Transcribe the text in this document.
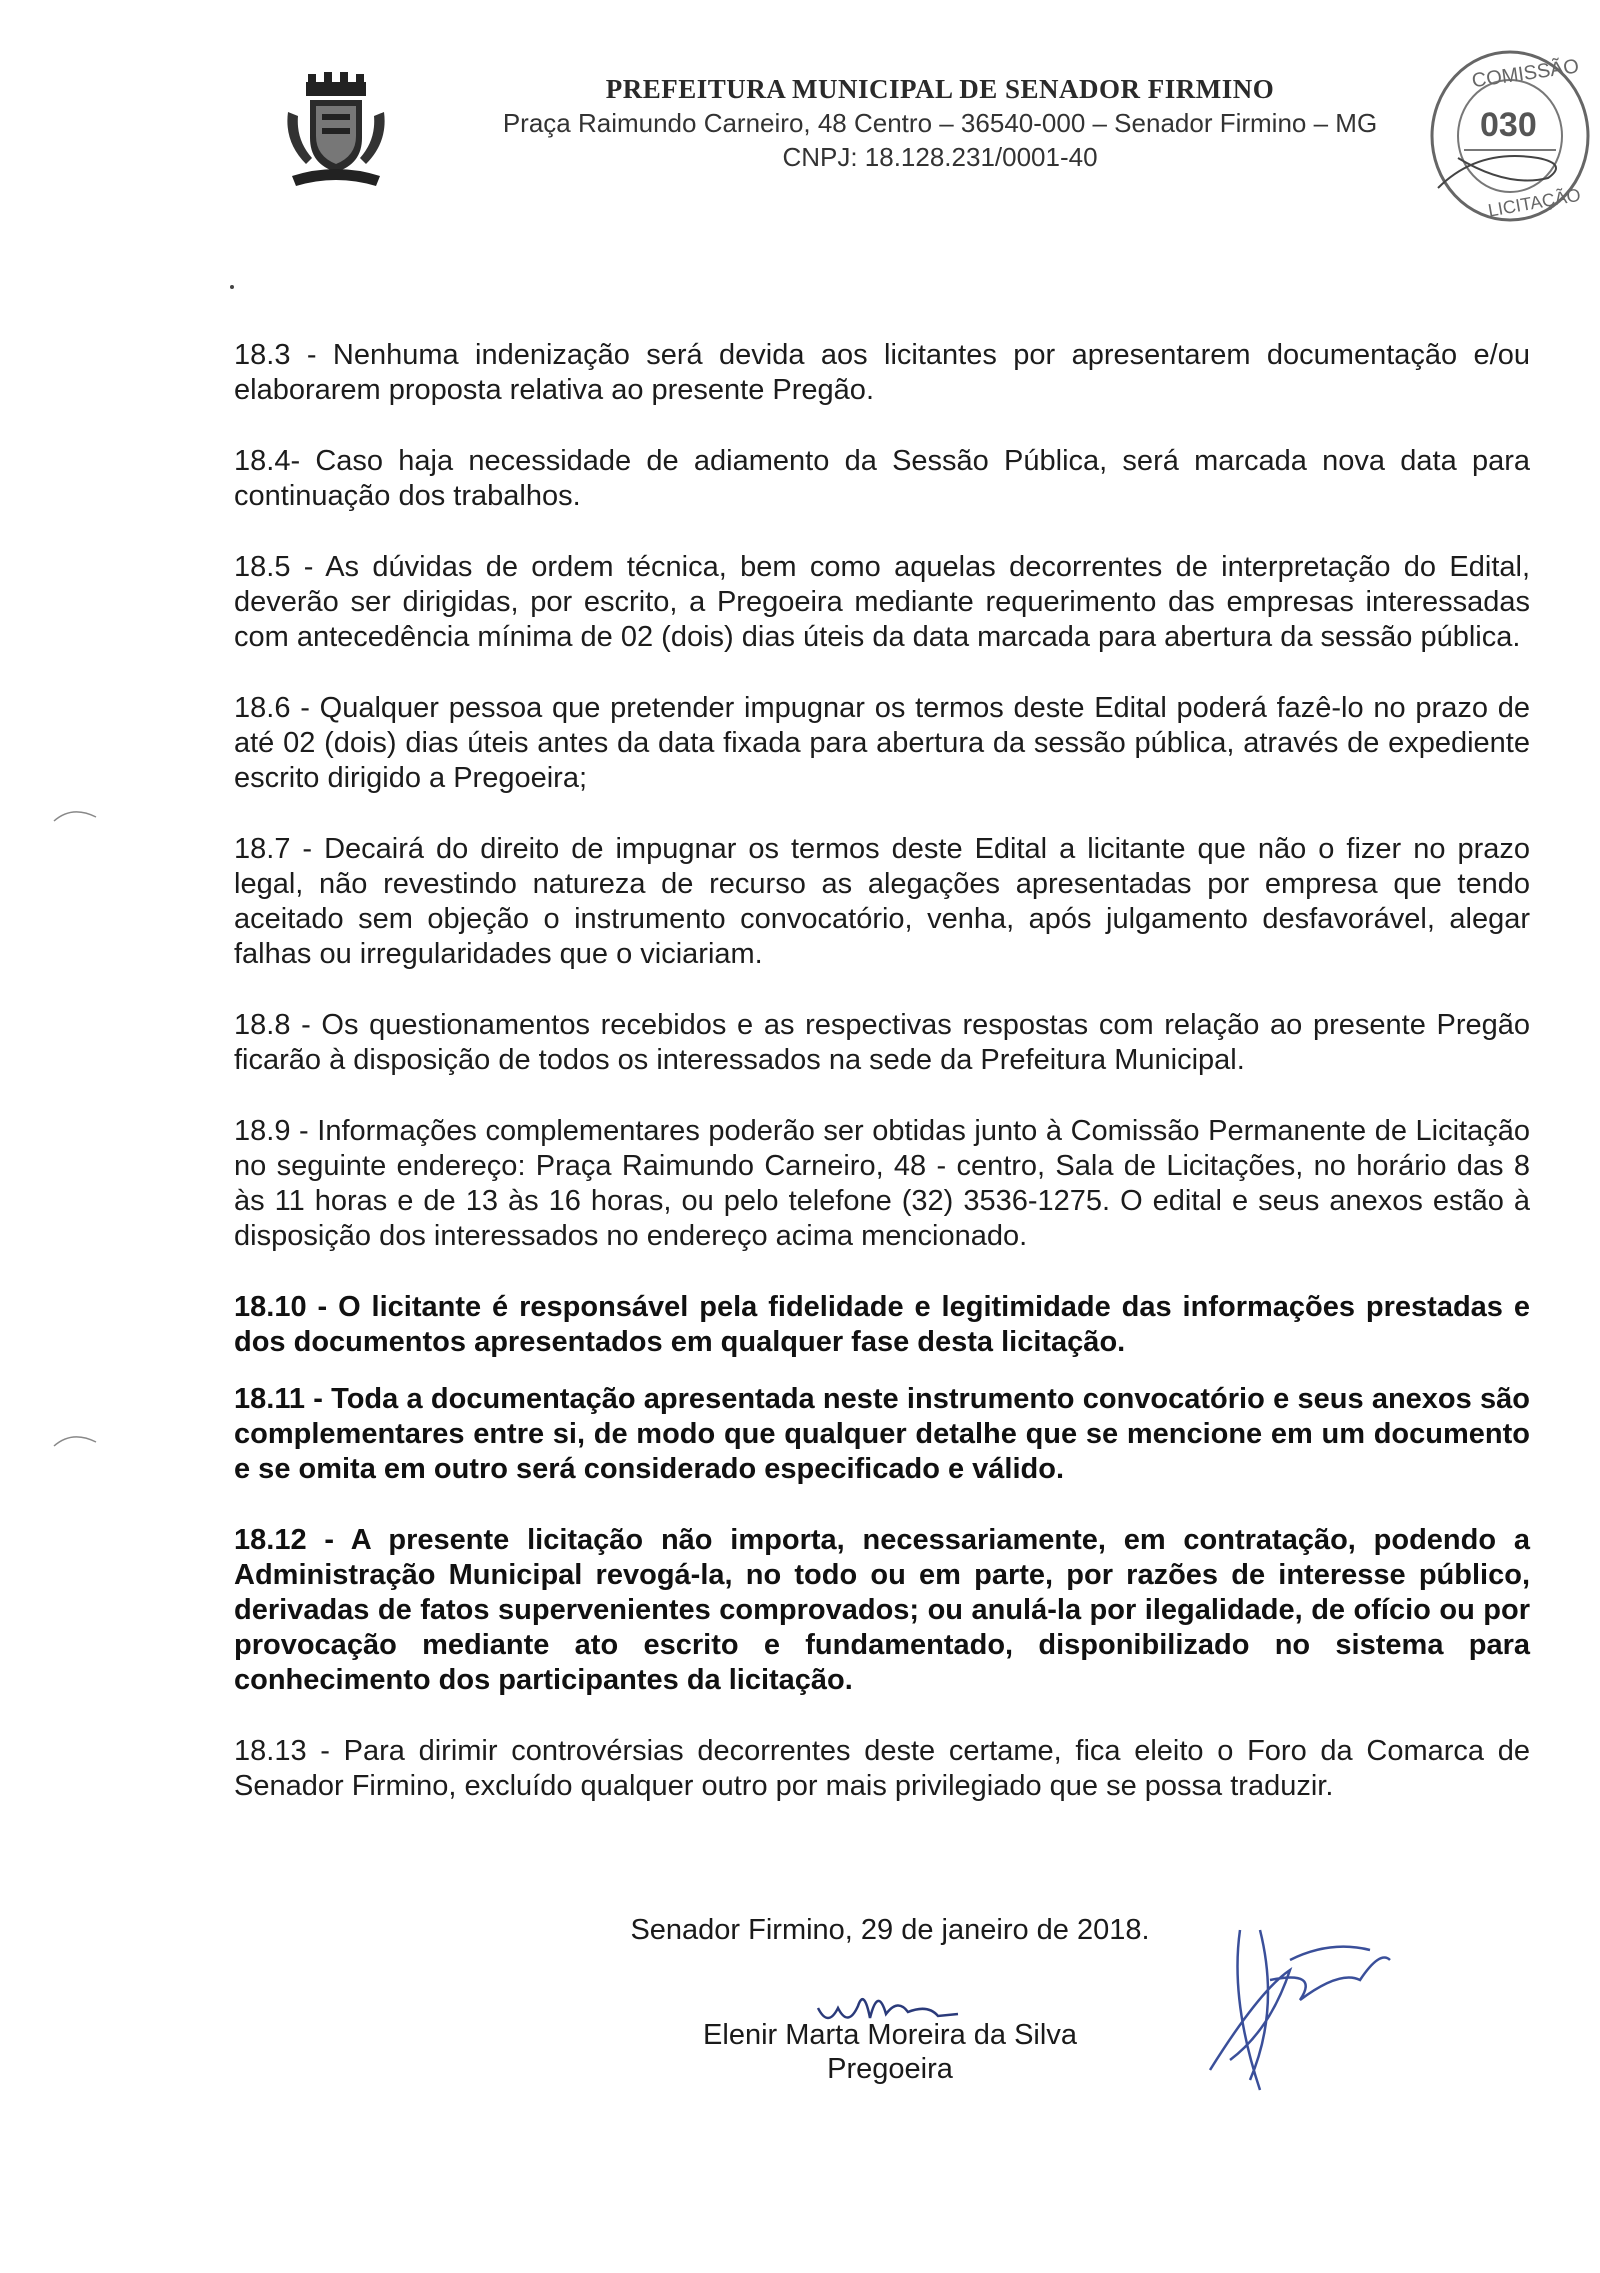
PREFEITURA MUNICIPAL DE SENADOR FIRMINO
Praça Raimundo Carneiro, 48 Centro – 36540-000 – Senador Firmino – MG
CNPJ: 18.128.231/0001-40
COMISSÃO
030
LICITAÇÃO

18.3 - Nenhuma indenização será devida aos licitantes por apresentarem documentação e/ou elaborarem proposta relativa ao presente Pregão.

18.4- Caso haja necessidade de adiamento da Sessão Pública, será marcada nova data para continuação dos trabalhos.

18.5 - As dúvidas de ordem técnica, bem como aquelas decorrentes de interpretação do Edital, deverão ser dirigidas, por escrito, a Pregoeira mediante requerimento das empresas interessadas com antecedência mínima de 02 (dois) dias úteis da data marcada para abertura da sessão pública.

18.6 - Qualquer pessoa que pretender impugnar os termos deste Edital poderá fazê-lo no prazo de até 02 (dois) dias úteis antes da data fixada para abertura da sessão pública, através de expediente escrito dirigido a Pregoeira;

18.7 - Decairá do direito de impugnar os termos deste Edital a licitante que não o fizer no prazo legal, não revestindo natureza de recurso as alegações apresentadas por empresa que tendo aceitado sem objeção o instrumento convocatório, venha, após julgamento desfavorável, alegar falhas ou irregularidades que o viciariam.

18.8 - Os questionamentos recebidos e as respectivas respostas com relação ao presente Pregão ficarão à disposição de todos os interessados na sede da Prefeitura Municipal.

18.9 - Informações complementares poderão ser obtidas junto à Comissão Permanente de Licitação no seguinte endereço: Praça Raimundo Carneiro, 48 - centro, Sala de Licitações, no horário das 8 às 11 horas e de 13 às 16 horas, ou pelo telefone (32) 3536-1275. O edital e seus anexos estão à disposição dos interessados no endereço acima mencionado.

18.10 - O licitante é responsável pela fidelidade e legitimidade das informações prestadas e dos documentos apresentados em qualquer fase desta licitação.

18.11 - Toda a documentação apresentada neste instrumento convocatório e seus anexos são complementares entre si, de modo que qualquer detalhe que se mencione em um documento e se omita em outro será considerado especificado e válido.

18.12 - A presente licitação não importa, necessariamente, em contratação, podendo a Administração Municipal revogá-la, no todo ou em parte, por razões de interesse público, derivadas de fatos supervenientes comprovados; ou anulá-la por ilegalidade, de ofício ou por provocação mediante ato escrito e fundamentado, disponibilizado no sistema para conhecimento dos participantes da licitação.

18.13 - Para dirimir controvérsias decorrentes deste certame, fica eleito o Foro da Comarca de Senador Firmino, excluído qualquer outro por mais privilegiado que se possa traduzir.

Senador Firmino, 29 de janeiro de 2018.
Elenir Marta Moreira da Silva
Pregoeira
